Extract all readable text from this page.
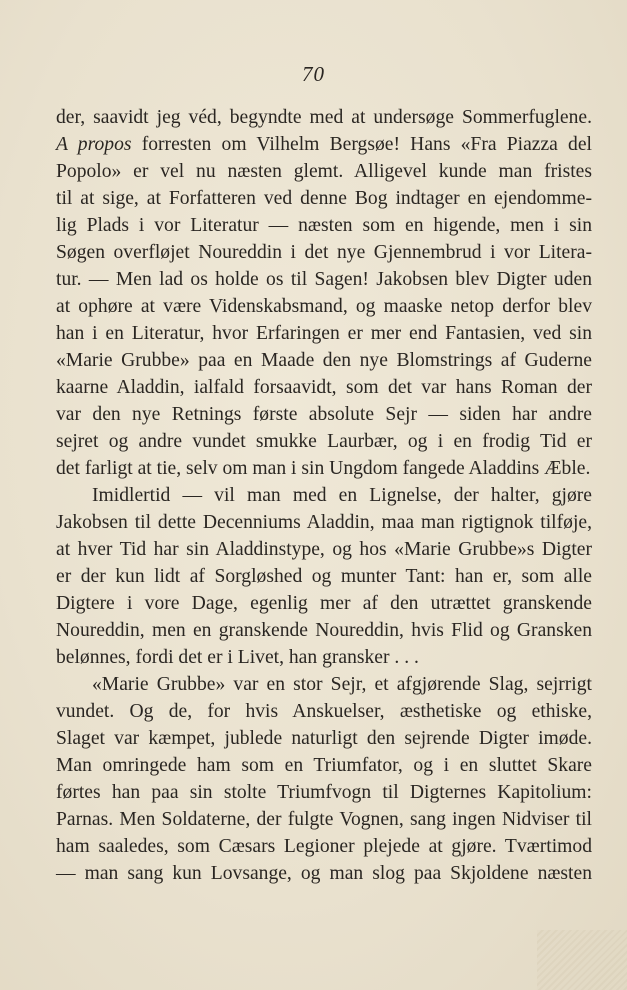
70
der, saavidt jeg véd, begyndte med at undersøge Sommerfuglene.
A propos forresten om Vilhelm Bergsøe! Hans «Fra Piazza del
Popolo» er vel nu næsten glemt. Alligevel kunde man fristes
til at sige, at Forfatteren ved denne Bog indtager en ejendomme-
lig Plads i vor Literatur — næsten som en higende, men i sin
Søgen overfløjet Noureddin i det nye Gjennembrud i vor Litera-
tur. — Men lad os holde os til Sagen! Jakobsen blev Digter uden
at ophøre at være Videnskabsmand, og maaske netop derfor blev
han i en Literatur, hvor Erfaringen er mer end Fantasien, ved sin
«Marie Grubbe» paa en Maade den nye Blomstrings af Guderne
kaarne Aladdin, ialfald forsaavidt, som det var hans Roman der
var den nye Retnings første absolute Sejr — siden har andre
sejret og andre vundet smukke Laurbær, og i en frodig Tid er
det farligt at tie, selv om man i sin Ungdom fangede Aladdins Æble.
Imidlertid — vil man med en Lignelse, der halter, gjøre
Jakobsen til dette Decenniums Aladdin, maa man rigtignok tilføje,
at hver Tid har sin Aladdinstype, og hos «Marie Grubbe»s Digter
er der kun lidt af Sorgløshed og munter Tant: han er, som alle
Digtere i vore Dage, egenlig mer af den utrættet granskende
Noureddin, men en granskende Noureddin, hvis Flid og Gransken
belønnes, fordi det er i Livet, han gransker . . .
«Marie Grubbe» var en stor Sejr, et afgjørende Slag, sejrrigt
vundet. Og de, for hvis Anskuelser, æsthetiske og ethiske,
Slaget var kæmpet, jublede naturligt den sejrende Digter imøde.
Man omringede ham som en Triumfator, og i en sluttet Skare
førtes han paa sin stolte Triumfvogn til Digternes Kapitolium:
Parnas. Men Soldaterne, der fulgte Vognen, sang ingen Nidviser til
ham saaledes, som Cæsars Legioner plejede at gjøre. Tværtimod
— man sang kun Lovsange, og man slog paa Skjoldene næsten
